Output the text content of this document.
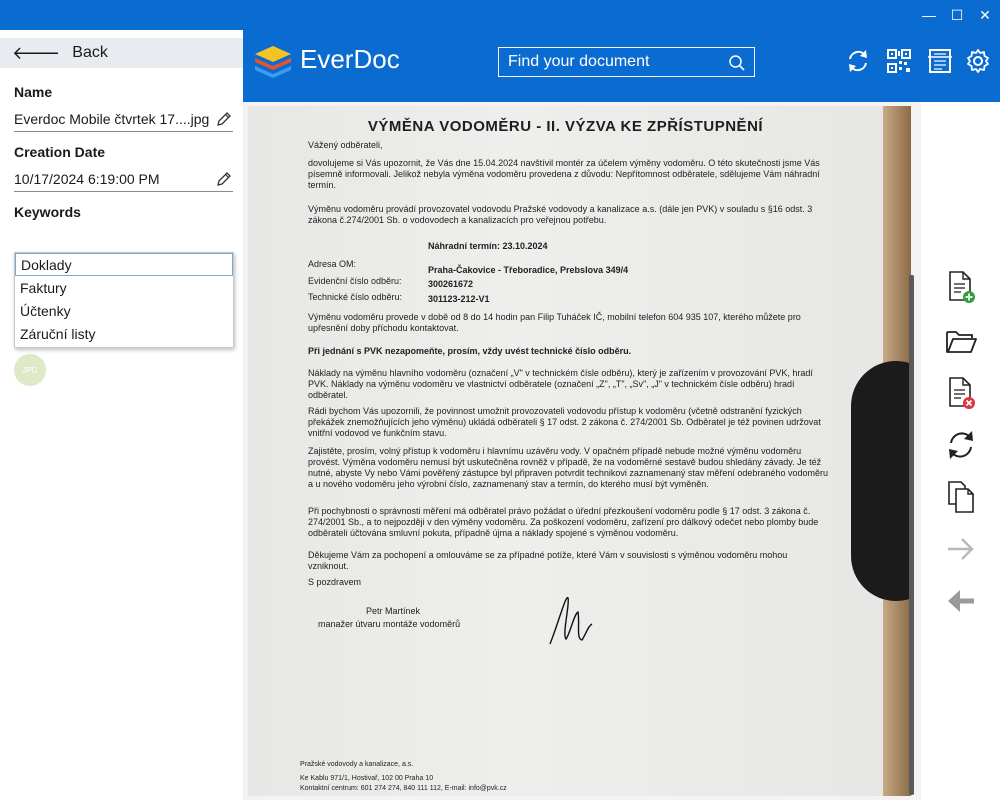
—	☐	✕
🡐 Back
Name
Everdoc Mobile čtvrtek 17....jpg
Creation Date
10/17/2024 6:19:00 PM
Keywords
Doklady
Faktury
Účtenky
Záruční listy
JPG
EverDoc	Find your document
VÝMĚNA VODOMĚRU - II. VÝZVA KE ZPŘÍSTUPNĚNÍ
Vážený odběrateli,
dovolujeme si Vás upozornit, že Vás dne 15.04.2024 navštívil montér za účelem výměny vodoměru. O této skutečnosti jsme Vás písemně informovali. Jelikož nebyla výměna vodoměru provedena z důvodu: Nepřítomnost odběratele, sdělujeme Vám náhradní termín.
Výměnu vodoměru provádí provozovatel vodovodu Pražské vodovody a kanalizace a.s. (dále jen PVK) v souladu s §16 odst. 3 zákona č.274/2001 Sb. o vodovodech a kanalizacích pro veřejnou potřebu.
Náhradní termín: 23.10.2024
Adresa OM:
Praha-Čakovice - Třeboradice, Prebslova 349/4
Evidenční číslo odběru:	300261672
Technické číslo odběru:	301123-212-V1
Výměnu vodoměru provede v době od 8 do 14 hodin pan Filip Tuháček IČ, mobilní telefon 604 935 107, kterého můžete pro upřesnění doby příchodu kontaktovat.
Při jednání s PVK nezapomeňte, prosím, vždy uvést technické číslo odběru.
Náklady na výměnu hlavního vodoměru (označení „V" v technickém čísle odběru), který je zařízením v provozování PVK, hradí PVK. Náklady na výměnu vodoměru ve vlastnictví odběratele (označení „Z", „T", „Sv", „J" v technickém čísle odběru) hradí odběratel.
Rádi bychom Vás upozornili, že povinnost umožnit provozovateli vodovodu přístup k vodoměru (včetně odstranění fyzických překážek znemožňujících jeho výměnu) ukládá odběrateli § 17 odst. 2 zákona č. 274/2001 Sb. Odběratel je též povinen udržovat vnitřní vodovod ve funkčním stavu.
Zajistěte, prosím, volný přístup k vodoměru i hlavnímu uzávěru vody. V opačném případě nebude možné výměnu vodoměru provést. Výměna vodoměru nemusí být uskutečněna rovněž v případě, že na vodoměrné sestavě budou shledány závady. Je též nutné, abyste Vy nebo Vámi pověřený zástupce byl připraven potvrdit technikovi zaznamenaný stav měření odebraného vodoměru a u nového vodoměru jeho výrobní číslo, zaznamenaný stav a termín, do kterého musí být vyměněn.
Při pochybnosti o správnosti měření má odběratel právo požádat o úřední přezkoušení vodoměru podle § 17 odst. 3 zákona č. 274/2001 Sb., a to nejpozději v den výměny vodoměru. Za poškození vodoměru, zařízení pro dálkový odečet nebo plomby bude odběrateli účtována smluvní pokuta, případně újma a náklady spojené s výměnou vodoměru.
Děkujeme Vám za pochopení a omlouváme se za případné potíže, které Vám v souvislosti s výměnou vodoměru mohou vzniknout.
S pozdravem
Petr Martínek
manažer útvaru montáže vodoměrů
Pražské vodovody a kanalizace, a.s.
Ke Kablu 971/1, Hostivař, 102 00 Praha 10
Kontaktní centrum: 601 274 274, 840 111 112, E-mail: info@pvk.cz
